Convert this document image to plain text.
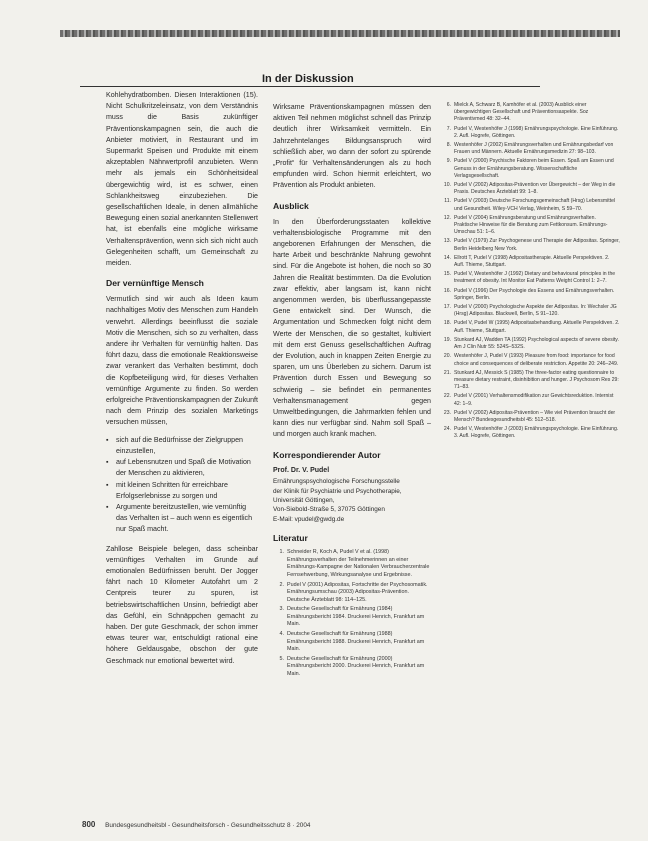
In der Diskussion

Kohlehydratbomben. Diesen Interaktionen (15). Nicht Schulkritzeleinsatz, von dem Verständnis muss die Basis zukünftiger Präventionskampagnen sein, die auch die Anbieter motiviert, in Restaurant und im Supermarkt Speisen und Produkte mit einem akzeptablen Nährwertprofil anzubieten. Wenn mehr als jemals ein Schönheitsideal übergewichtig wird, ist es schwer, einen Schlankheitsweg einzubeziehen. Die gesellschaftlichen Ideale, in denen allmähliche Bewegung einen sozial anerkannten Stellenwert hat, ist ebenfalls eine mögliche wirksame Verhaltensprävention, wenn sich sich nicht auch Gelegenheiten schafft, um Gemeinschaft zu meiden.

Der vernünftige Mensch

Vermutlich sind wir auch als Ideen kaum nachhaltiges Motiv des Menschen zum Handeln verwehrt. Allerdings beeinflusst die soziale Motiv die Menschen, sich so zu verhalten, dass andere ihr Verhalten für vernünftig halten. Das führt dazu, dass die emotionale Reaktionsweise zwar verankert das Verhalten bestimmt, doch die Kopfbeteiligung wird, für dieses Verhalten vernünftige Argumente zu finden. So werden erfolgreiche Präventionskampagnen der Zukunft nach dem Prinzip des sozialen Marketings versuchen müssen,

▪ sich auf die Bedürfnisse der Zielgruppen einzustellen,
▪ auf Lebensnutzen und Spaß die Motivation der Menschen zu aktivieren,
▪ mit kleinen Schritten für erreichbare Erfolgserlebnisse zu sorgen und
▪ Argumente bereitzustellen, wie vernünftig das Verhalten ist – auch wenn es eigentlich nur Spaß macht.

Zahllose Beispiele belegen, dass scheinbar vernünftiges Verhalten im Grunde auf emotionalen Bedürfnissen beruht. Der Jogger fährt nach 10 Kilometer Autofahrt um 2 Centpreis teurer zu spuren, ist betriebswirtschaftlichen Unsinn, befriedigt aber das Gefühl, ein Schnäppchen gemacht zu haben. Der gute Geschmack, der schon immer etwas teurer war, entschuldigt rational eine höhere Geldausgabe, obschon der gute Geschmack nur emotional bewertet wird.

Wirksame Präventionskampagnen müssen den aktiven Teil nehmen möglichst schnell das Prinzip deutlich ihrer Wirksamkeit vermitteln. Ein Jahrzehntelanges Bildungsanspruch wird schließlich aber, wo dann der sofort zu spürende „Profit“ für Verhaltensänderungen als zu hoch empfunden wird. Schon hiermit erleichtert, wo Prävention als Produkt anbieten.

Ausblick

In den Überforderungsstaaten kollektive verhaltensbiologische Programme mit den angeborenen Erfahrungen der Menschen, die harte Arbeit und beschränkte Nahrung gewohnt sind. Für die Angebote ist hohen, die noch so 30 Jahren die Realität bestimmten. Da die Evolution zwar effektiv, aber langsam ist, kann nicht angenommen werden, bis überflussangepasste Gene entwickelt sind. Der Wunsch, die Argumentation und Schmecken folgt nicht dem Werte der Menschen, die so gestaltet, kultiviert mit dem erst Genuss gesellschaftlichen Auftrag der Evolution, auch in knappen Zeiten Energie zu sparen, um uns Überleben zu sichern. Darum ist Prävention durch Essen und Bewegung so schwierig – sie befindet ein permanentes Verhaltensmanagement gegen Umweltbedingungen, die Jahrmarkten fehlen und kann dies nur verfügbar sind. Nahm soll Spaß – und morgen auch krank machen.

Korrespondierender Autor
Prof. Dr. V. Pudel
Ernährungspsychologische Forschungsstelle
der Klinik für Psychiatrie und Psychotherapie,
Universität Göttingen,
Von-Siebold-Straße 5, 37075 Göttingen
E-Mail: vpudel@gwdg.de
Literatur
1. Schneider R, Koch A, Pudel V et al. (1998) Ernährungsverhalten der Teilnehmerinnen an einer Ernährungs-Kampagne der Nationalen Verbraucherzentrale Fernsehwerbung, Wirkungsanalyse und Ergebnisse.
2. Pudel V (2001) Adipositas, Fortschritte der Psychosomatik. Ernährungsumschau (2003) Adipositas-Prävention. Deutsche Ärzteblatt 98: 114–125.
3. Deutsche Gesellschaft für Ernährung (1984) Ernährungsbericht 1984. Druckerei Henrich, Frankfurt am Main.
4. Deutsche Gesellschaft für Ernährung (1988) Ernährungsbericht 1988. Druckerei Henrich, Frankfurt am Main.
5. Deutsche Gesellschaft für Ernährung (2000) Ernährungsbericht 2000. Druckerei Henrich, Frankfurt am Main.
6. Mielck A, Schwarz B, Kamhöfer et al. (2003) Ausblick einer übergewichtigen Gesellschaft und Präventionsaspekte. Soz Präventivmed 48: 32–44.
7. Pudel V, Westenhöfer J (1998) Ernährungspsychologie. Eine Einführung. 2. Aufl. Hogrefe, Göttingen.
8. Westenhöfer J (2002) Ernährungsverhalten und Ernährungsbedarf von Frauen und Männern. Aktuelle Ernährungsmedizin 27: 98–103.
9. Pudel V (2000) Psychische Faktoren beim Essen. Spaß am Essen und Genuss in der Ernährungsberatung. Wissenschaftliche Verlagsgesellschaft.
10. Pudel V (2002) Adipositas-Prävention vor Übergewicht – der Weg in die Praxis. Deutsches Ärzteblatt 99: 1–8.
11. Pudel V (2003) Deutsche Forschungsgemeinschaft (Hrsg) Lebensmittel und Gesundheit. Wiley-VCH Verlag, Weinheim, S 59–70.
12. Pudel V (2004) Ernährungsberatung und Ernährungsverhalten. Praktische Hinweise für die Beratung zum Fettkonsum. Ernährungs-Umschau 51: 1–6.
13. Pudel V (1979) Zur Psychogenese und Therapie der Adipositas. Springer, Berlin Heidelberg New York.
14. Ellrott T, Pudel V (1998) Adipositastherapie. Aktuelle Perspektiven. 2. Aufl. Thieme, Stuttgart.
15. Pudel V, Westenhöfer J (1992) Dietary and behavioural principles in the treatment of obesity. Int Monitor Eat Patterns Weight Control 1: 2–7.
16. Pudel V (1996) Der Psychologie des Essens und Ernährungsverhalten. Springer, Berlin.
17. Pudel V (2000) Psychologische Aspekte der Adipositas. In: Wechsler JG (Hrsg) Adipositas. Blackwell, Berlin, S 91–120.
18. Pudel V, Pudel W (1995) Adipositasbehandlung. Aktuelle Perspektiven. 2. Aufl. Thieme, Stuttgart.
19. Stunkard AJ, Wadden TA (1992) Psychological aspects of severe obesity. Am J Clin Nutr 55: 524S–532S.
20. Westenhöfer J, Pudel V (1993) Pleasure from food: importance for food choice and consequences of deliberate restriction. Appetite 20: 246–249.
21. Stunkard AJ, Messick S (1985) The three-factor eating questionnaire to measure dietary restraint, disinhibition and hunger. J Psychosom Res 29: 71–83.
22. Pudel V (2001) Verhaltensmodifikation zur Gewichtsreduktion. Internist 42: 1–9.
23. Pudel V (2002) Adipositas-Prävention – Wie viel Prävention braucht der Mensch? Bundesgesundheitsbl 45: 512–518.
24. Pudel V, Westenhöfer J (2003) Ernährungspsychologie. Eine Einführung. 3. Aufl. Hogrefe, Göttingen.
800 Bundesgesundheitsbl - Gesundheitsforsch - Gesundheitsschutz 8 · 2004
